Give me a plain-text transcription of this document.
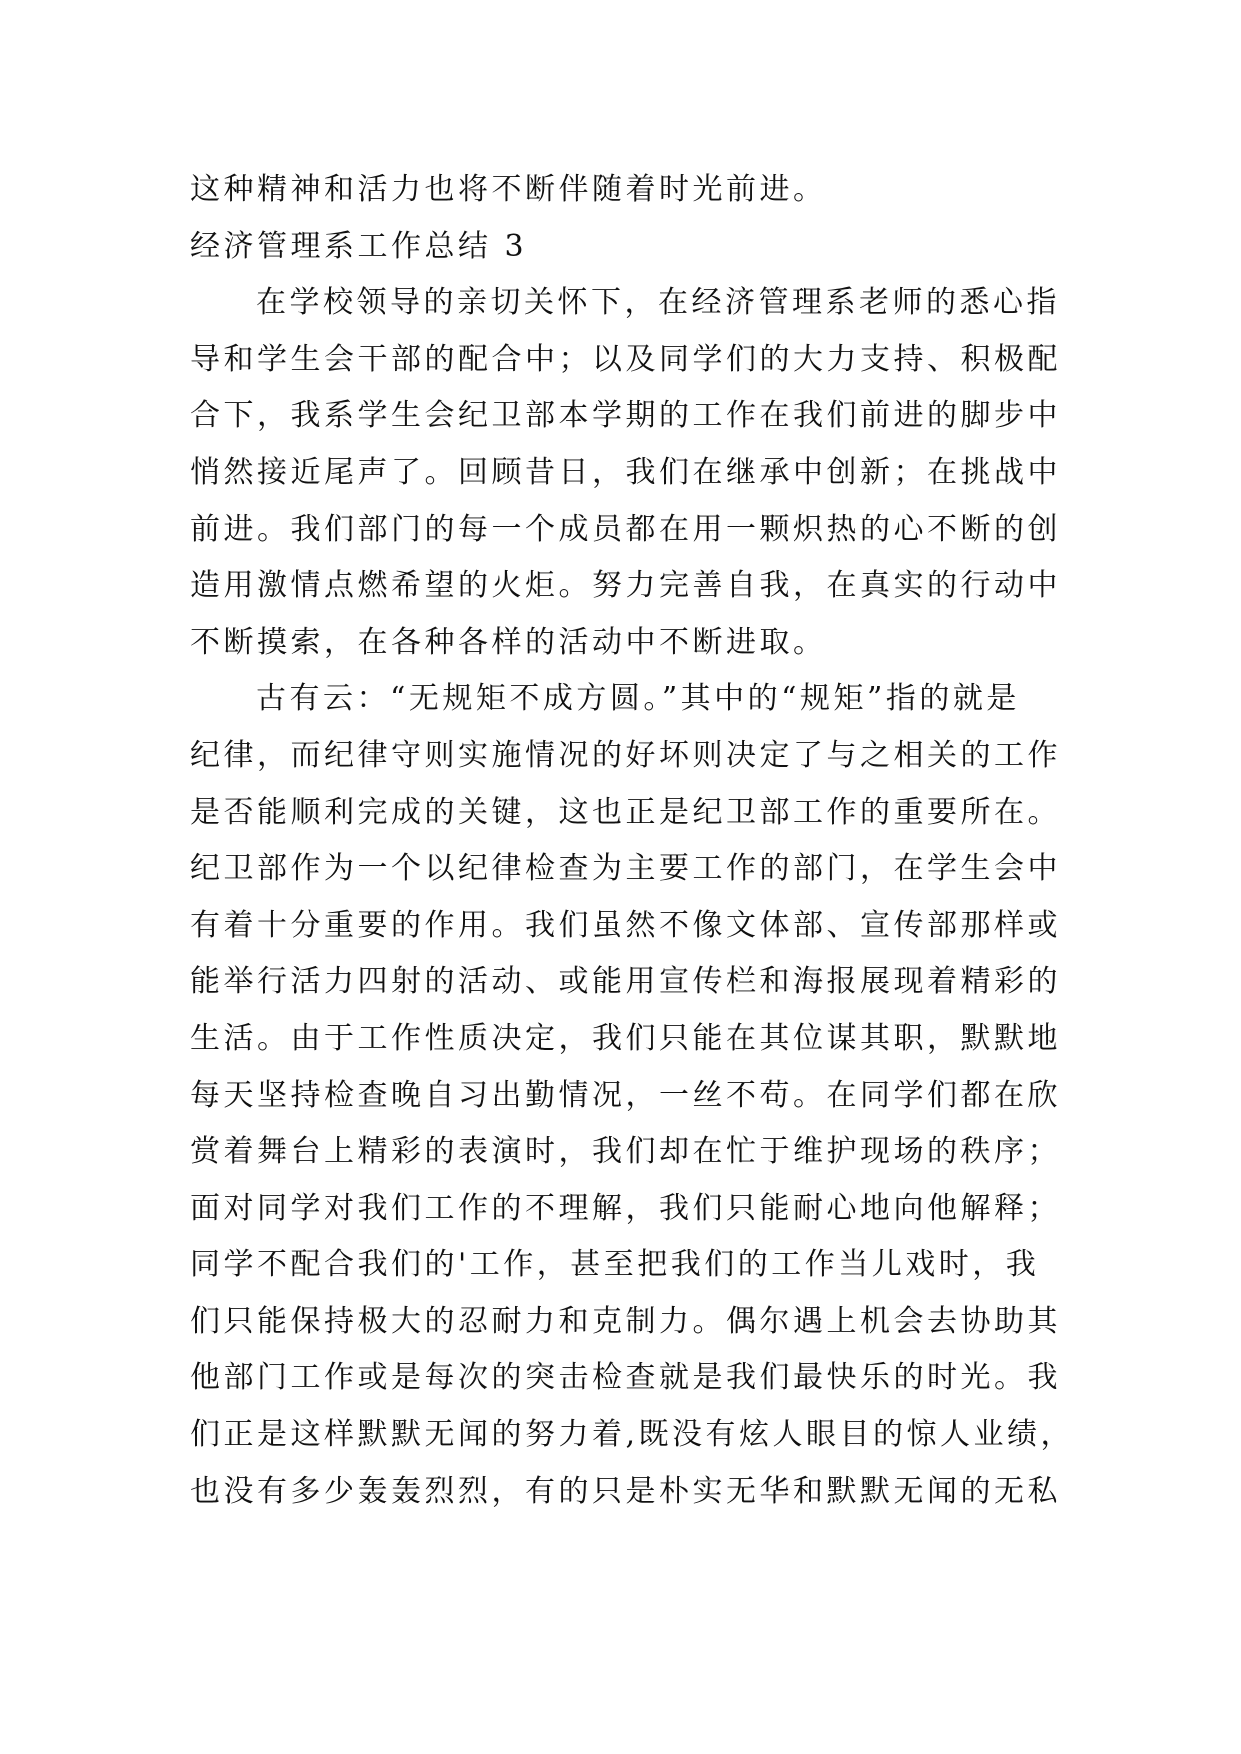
这种精神和活力也将不断伴随着时光前进。
经济管理系工作总结 3
在学校领导的亲切关怀下，在经济管理系老师的悉心指
导和学生会干部的配合中；以及同学们的大力支持、积极配
合下，我系学生会纪卫部本学期的工作在我们前进的脚步中
悄然接近尾声了。回顾昔日，我们在继承中创新；在挑战中
前进。我们部门的每一个成员都在用一颗炽热的心不断的创
造用激情点燃希望的火炬。努力完善自我，在真实的行动中
不断摸索，在各种各样的活动中不断进取。
古有云：“无规矩不成方圆。”其中的“规矩”指的就是
纪律，而纪律守则实施情况的好坏则决定了与之相关的工作
是否能顺利完成的关键，这也正是纪卫部工作的重要所在。
纪卫部作为一个以纪律检查为主要工作的部门，在学生会中
有着十分重要的作用。我们虽然不像文体部、宣传部那样或
能举行活力四射的活动、或能用宣传栏和海报展现着精彩的
生活。由于工作性质决定，我们只能在其位谋其职，默默地
每天坚持检查晚自习出勤情况，一丝不苟。在同学们都在欣
赏着舞台上精彩的表演时，我们却在忙于维护现场的秩序；
面对同学对我们工作的不理解，我们只能耐心地向他解释；
同学不配合我们的'工作，甚至把我们的工作当儿戏时，我
们只能保持极大的忍耐力和克制力。偶尔遇上机会去协助其
他部门工作或是每次的突击检查就是我们最快乐的时光。我
们正是这样默默无闻的努力着,既没有炫人眼目的惊人业绩，
也没有多少轰轰烈烈，有的只是朴实无华和默默无闻的无私
